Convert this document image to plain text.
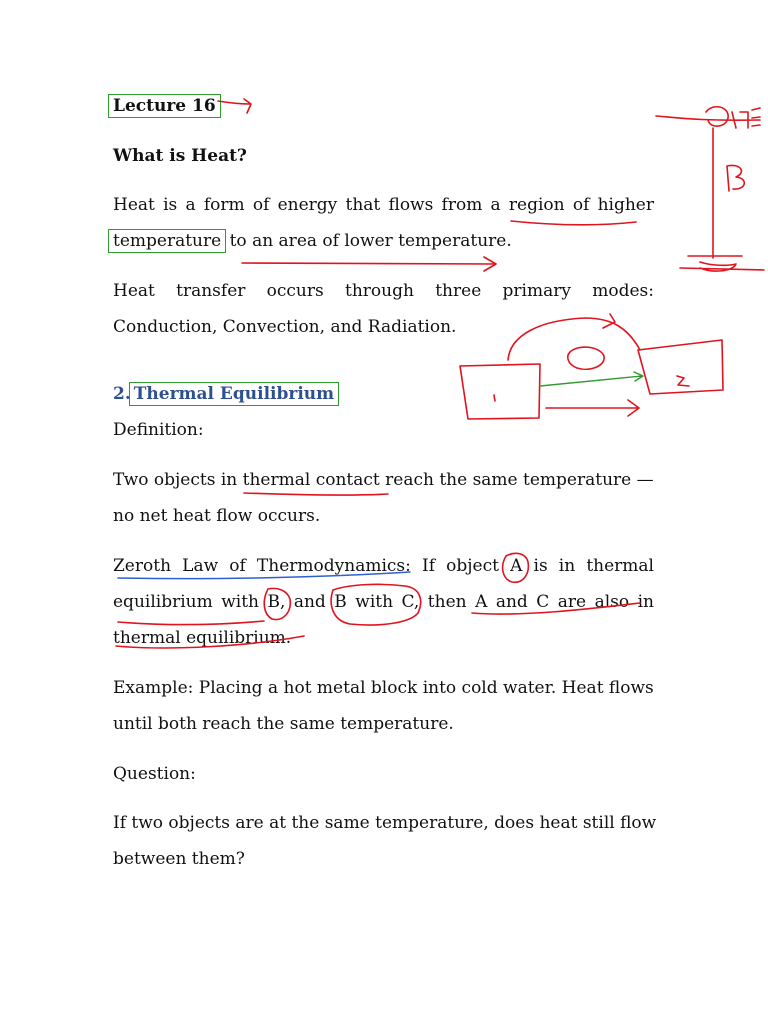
Lecture 16

What is Heat?

Heat is a form of energy that flows from a region of higher

temperature to an area of lower temperature.

Heat transfer occurs through three primary modes:

Conduction, Convection, and Radiation.

2. Thermal Equilibrium

Definition:

Two objects in thermal contact reach the same temperature —

no net heat flow occurs.

Zeroth Law of Thermodynamics: If object A is in thermal

equilibrium with B, and B with C, then A and C are also in

thermal equilibrium.

Example: Placing a hot metal block into cold water. Heat flows

until both reach the same temperature.

Question:

If two objects are at the same temperature, does heat still flow

between them?
